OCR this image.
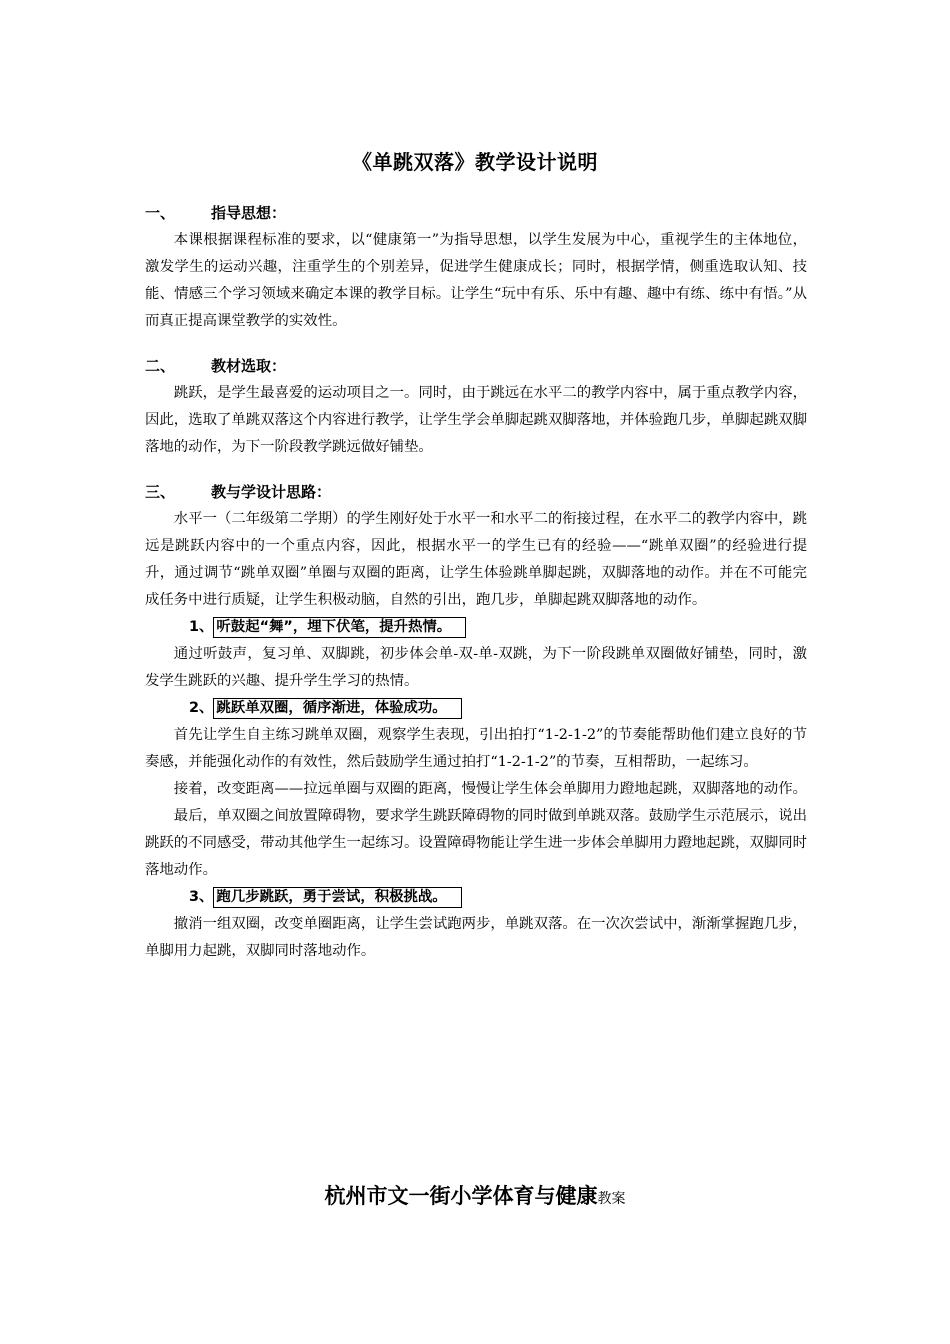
《单跳双落》教学设计说明
一、 指导思想：

本课根据课程标准的要求，以“健康第一”为指导思想，以学生发展为中心，重视学生的主体地位，激发学生的运动兴趣，注重学生的个别差异，促进学生健康成长；同时，根据学情，侧重选取认知、技能、情感三个学习领域来确定本课的教学目标。让学生“玩中有乐、乐中有趣、趣中有练、练中有悟。”从而真正提高课堂教学的实效性。

二、 教材选取：

跳跃，是学生最喜爱的运动项目之一。同时，由于跳远在水平二的教学内容中，属于重点教学内容，因此，选取了单跳双落这个内容进行教学，让学生学会单脚起跳双脚落地，并体验跑几步，单脚起跳双脚落地的动作，为下一阶段教学跳远做好铺垫。

三、 教与学设计思路：

水平一（二年级第二学期）的学生刚好处于水平一和水平二的衔接过程，在水平二的教学内容中，跳远是跳跃内容中的一个重点内容，因此，根据水平一的学生已有的经验——“跳单双圈”的经验进行提升，通过调节“跳单双圈”单圈与双圈的距离，让学生体验跳单脚起跳，双脚落地的动作。并在不可能完成任务中进行质疑，让学生积极动脑，自然的引出，跑几步，单脚起跳双脚落地的动作。

1、 听鼓起“舞”，埋下伏笔，提升热情。

通过听鼓声，复习单、双脚跳，初步体会单-双-单-双跳，为下一阶段跳单双圈做好铺垫，同时，激发学生跳跃的兴趣、提升学生学习的热情。

2、 跳跃单双圈，循序渐进，体验成功。

首先让学生自主练习跳单双圈，观察学生表现，引出拍打“1-2-1-2”的节奏能帮助他们建立良好的节奏感，并能强化动作的有效性，然后鼓励学生通过拍打“1-2-1-2”的节奏，互相帮助，一起练习。

接着，改变距离——拉远单圈与双圈的距离，慢慢让学生体会单脚用力蹬地起跳，双脚落地的动作。

最后，单双圈之间放置障碍物，要求学生跳跃障碍物的同时做到单跳双落。鼓励学生示范展示，说出跳跃的不同感受，带动其他学生一起练习。设置障碍物能让学生进一步体会单脚用力蹬地起跳，双脚同时落地动作。

3、 跑几步跳跃，勇于尝试，积极挑战。

撤消一组双圈，改变单圈距离，让学生尝试跑两步，单跳双落。在一次次尝试中，渐渐掌握跑几步，单脚用力起跳，双脚同时落地动作。

杭州市文一街小学体育与健康教案
